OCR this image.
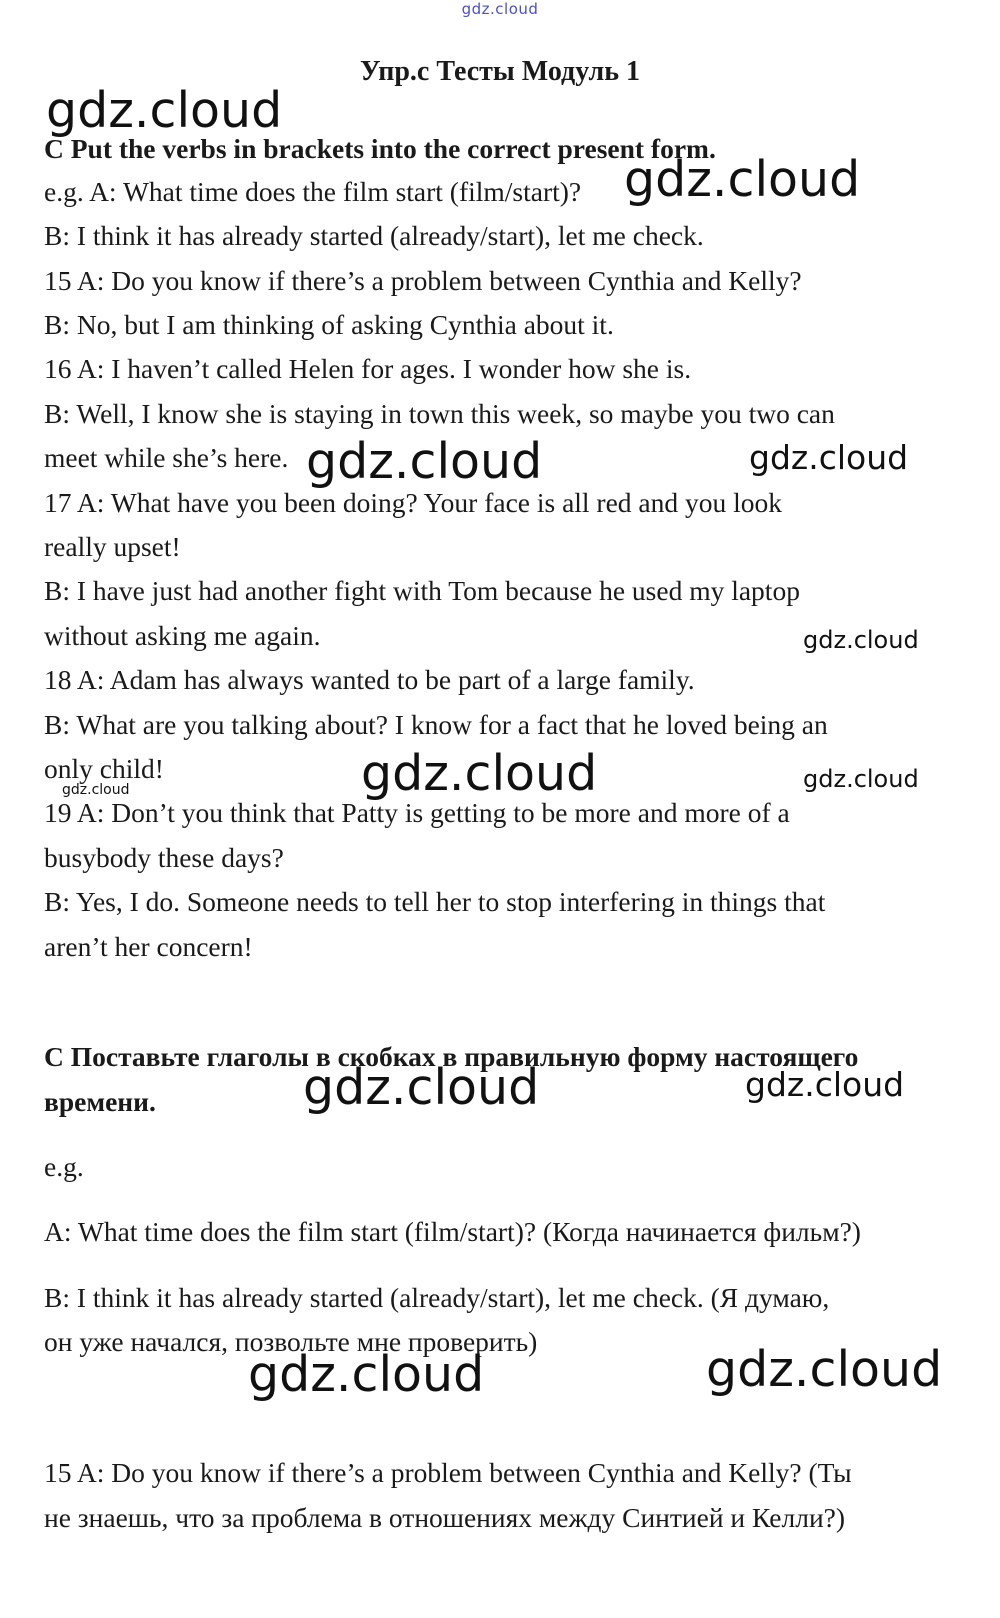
gdz.cloud
Упр.с Тесты Модуль 1
C Put the verbs in brackets into the correct present form.
e.g. A: What time does the film start (film/start)?
B: I think it has already started (already/start), let me check.
15 A: Do you know if there’s a problem between Cynthia and Kelly?
B: No, but I am thinking of asking Cynthia about it.
16 A: I haven’t called Helen for ages. I wonder how she is.
B: Well, I know she is staying in town this week, so maybe you two can
meet while she’s here.
17 A: What have you been doing? Your face is all red and you look
really upset!
B: I have just had another fight with Tom because he used my laptop
without asking me again.
18 A: Adam has always wanted to be part of a large family.
B: What are you talking about? I know for a fact that he loved being an
only child!
19 A: Don’t you think that Patty is getting to be more and more of a
busybody these days?
B: Yes, I do. Someone needs to tell her to stop interfering in things that
aren’t her concern!
C Поставьте глаголы в скобках в правильную форму настоящего
времени.
e.g.
A: What time does the film start (film/start)? (Когда начинается фильм?)
B: I think it has already started (already/start), let me check. (Я думаю,
он уже начался, позвольте мне проверить)
15 A: Do you know if there’s a problem between Cynthia and Kelly? (Ты
не знаешь, что за проблема в отношениях между Синтией и Келли?)
gdz.cloud
gdz.cloud
gdz.cloud	gdz.cloud
gdz.cloud
gdz.cloud	gdz.cloud
gdz.cloud
gdz.cloud	gdz.cloud
gdz.cloud	gdz.cloud
